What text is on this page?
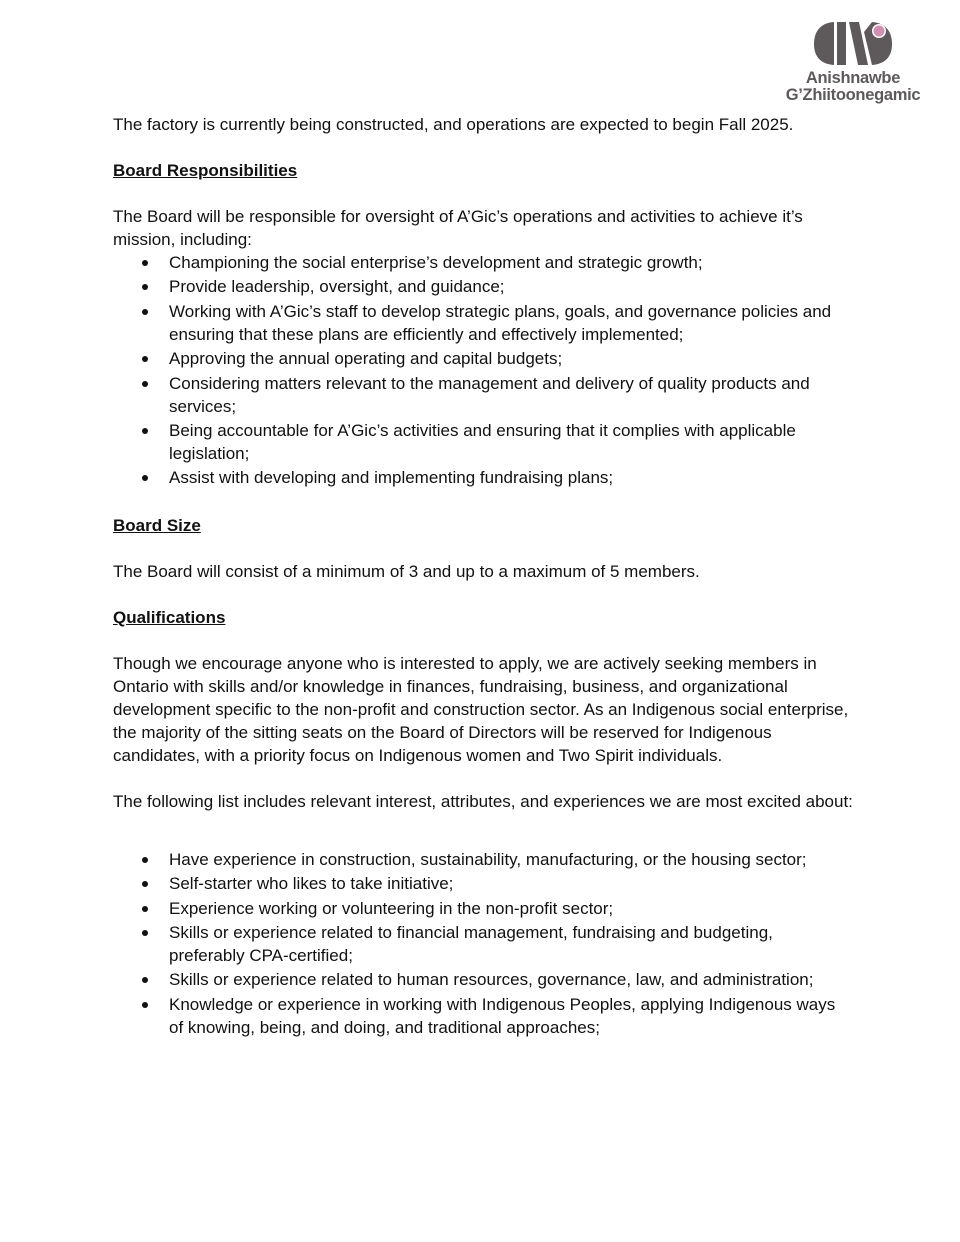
Anishnawbe
G’Zhiitoonegamic

The factory is currently being constructed, and operations are expected to begin Fall 2025.

Board Responsibilities

The Board will be responsible for oversight of A’Gic’s operations and activities to achieve it’s mission, including:

Championing the social enterprise’s development and strategic growth;
Provide leadership, oversight, and guidance;
Working with A’Gic’s staff to develop strategic plans, goals, and governance policies and ensuring that these plans are efficiently and effectively implemented;
Approving the annual operating and capital budgets;
Considering matters relevant to the management and delivery of quality products and services;
Being accountable for A’Gic’s activities and ensuring that it complies with applicable legislation;
Assist with developing and implementing fundraising plans;

Board Size

The Board will consist of a minimum of 3 and up to a maximum of 5 members.

Qualifications

Though we encourage anyone who is interested to apply, we are actively seeking members in Ontario with skills and/or knowledge in finances, fundraising, business, and organizational development specific to the non-profit and construction sector. As an Indigenous social enterprise, the majority of the sitting seats on the Board of Directors will be reserved for Indigenous candidates, with a priority focus on Indigenous women and Two Spirit individuals.

The following list includes relevant interest, attributes, and experiences we are most excited about:

Have experience in construction, sustainability, manufacturing, or the housing sector;
Self-starter who likes to take initiative;
Experience working or volunteering in the non-profit sector;
Skills or experience related to financial management, fundraising and budgeting, preferably CPA-certified;
Skills or experience related to human resources, governance, law, and administration;
Knowledge or experience in working with Indigenous Peoples, applying Indigenous ways of knowing, being, and doing, and traditional approaches;
